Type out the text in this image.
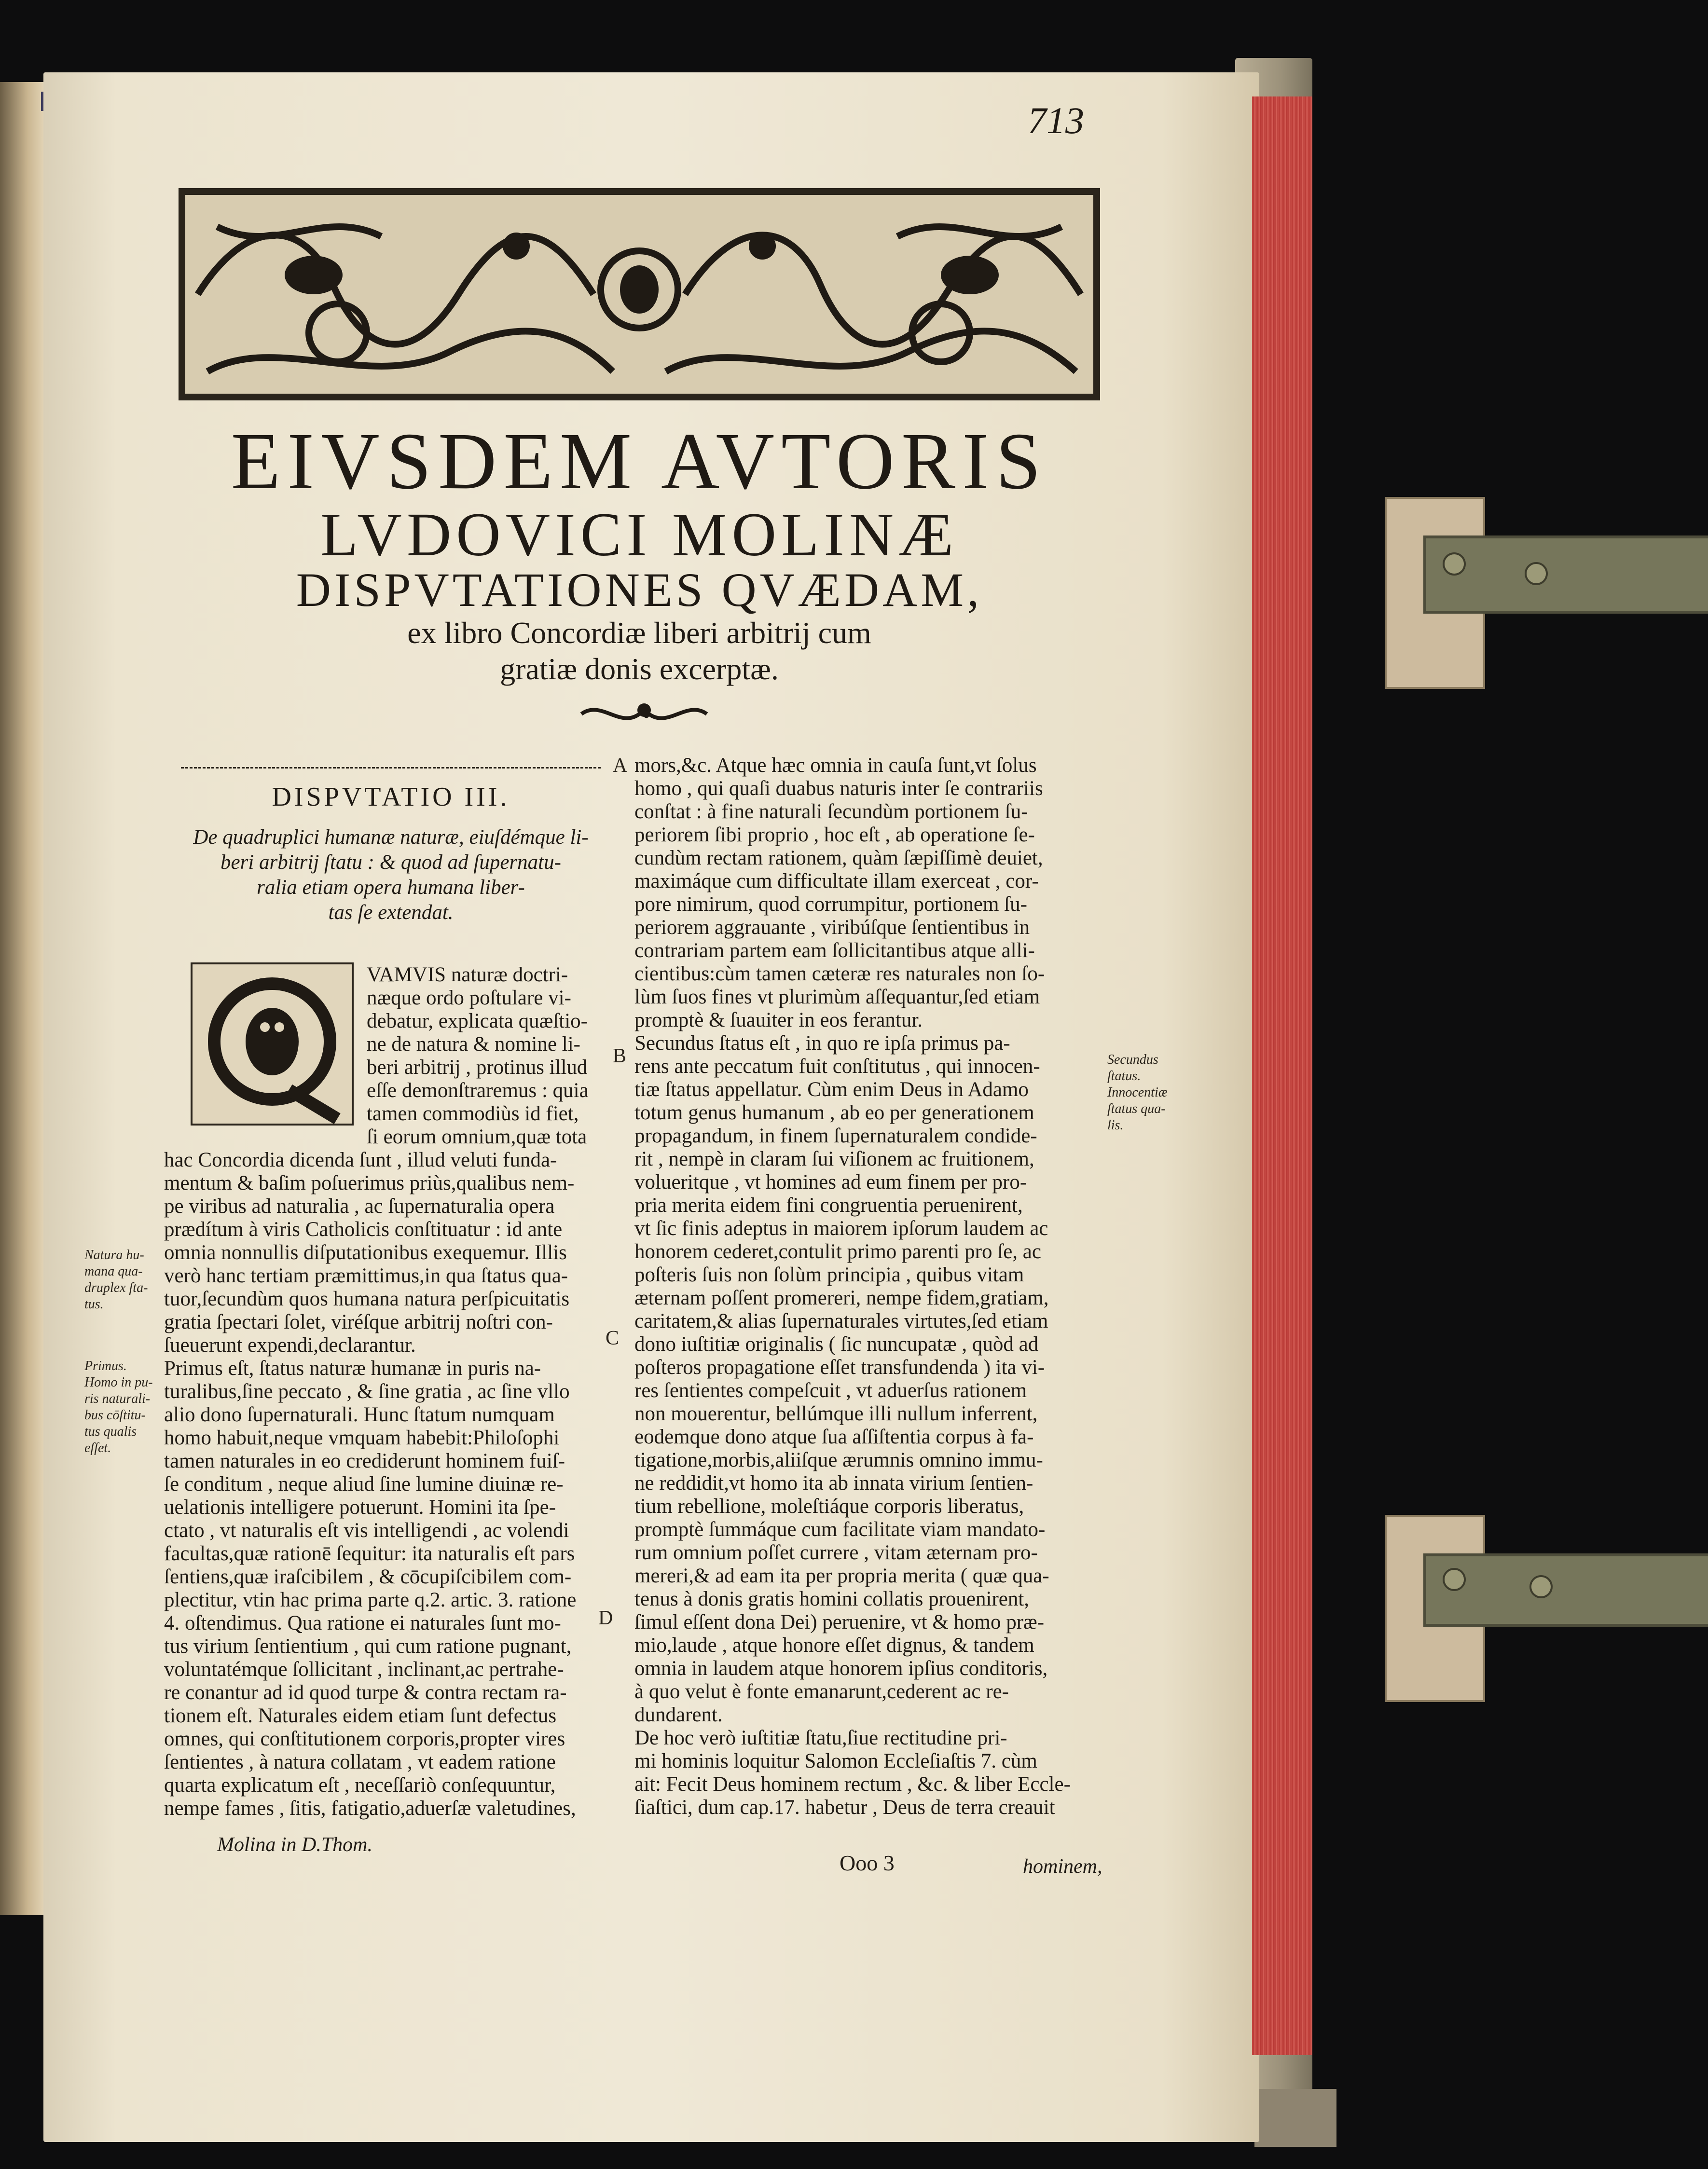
713
EIVSDEM AVTORIS
LVDOVICI MOLINÆ
DISPVTATIONES QVÆDAM,
ex libro Concordiæ liberi arbitrij cum
gratiæ donis excerptæ.
DISPVTATIO III.
De quadruplici humanæ naturæ, eiuſdémque li-
beri arbitrij ſtatu : & quod ad ſupernatu-
ralia etiam opera humana liber-
tas ſe extendat.
VAMVIS naturæ doctri-
næque ordo poſtulare vi-
debatur, explicata quæſtio-
ne de natura & nomine li-
beri arbitrij , protinus illud
eſſe demonſtraremus : quia
tamen commodiùs id fiet,
ſi eorum omnium,quæ tota
hac Concordia dicenda ſunt , illud veluti funda-
mentum & baſim poſuerimus priùs,qualibus nem-
pe viribus ad naturalia , ac ſupernaturalia opera
prædítum à viris Catholicis conſtituatur : id ante
omnia nonnullis diſputationibus exequemur. Illis
verò hanc tertiam præmittimus,in qua ſtatus qua-
tuor,ſecundùm quos humana natura perſpicuitatis
gratia ſpectari ſolet, viréſque arbitrij noſtri con-
ſueuerunt expendi,declarantur.
Primus eſt, ſtatus naturæ humanæ in puris na-
turalibus,ſine peccato , & ſine gratia , ac ſine vllo
alio dono ſupernaturali. Hunc ſtatum numquam
homo habuit,neque vmquam habebit:Philoſophi
tamen naturales in eo crediderunt hominem fuiſ-
ſe conditum , neque aliud ſine lumine diuinæ re-
uelationis intelligere potuerunt. Homini ita ſpe-
ctato , vt naturalis eſt vis intelligendi , ac volendi
facultas,quæ rationē ſequitur: ita naturalis eſt pars
ſentiens,quæ iraſcibilem , & cōcupiſcibilem com-
plectitur, vtin hac prima parte q.2. artic. 3. ratione
4. oſtendimus. Qua ratione ei naturales ſunt mo-
tus virium ſentientium , qui cum ratione pugnant,
voluntatémque ſollicitant , inclinant,ac pertrahe-
re conantur ad id quod turpe & contra rectam ra-
tionem eſt. Naturales eidem etiam ſunt defectus
omnes, qui conſtitutionem corporis,propter vires
ſentientes , à natura collatam , vt eadem ratione
quarta explicatum eſt , neceſſariò conſequuntur,
nempe fames , ſitis, fatigatio,aduerſæ valetudines,
Molina in D.Thom.
Natura hu-
mana qua-
druplex ſta-
tus.
Primus.
Homo in pu-
ris naturali-
bus cōſtitu-
tus qualis
eſſet.
A
B
C
D
mors,&c. Atque hæc omnia in cauſa ſunt,vt ſolus
homo , qui quaſi duabus naturis inter ſe contrariis
conſtat : à fine naturali ſecundùm portionem ſu-
periorem ſibi proprio , hoc eſt , ab operatione ſe-
cundùm rectam rationem, quàm ſæpiſſimè deuiet,
maximáque cum difficultate illam exerceat , cor-
pore nimirum, quod corrumpitur, portionem ſu-
periorem aggrauante , viribúſque ſentientibus in
contrariam partem eam ſollicitantibus atque alli-
cientibus:cùm tamen cæteræ res naturales non ſo-
lùm ſuos fines vt plurimùm aſſequantur,ſed etiam
promptè & ſuauiter in eos ferantur.
Secundus ſtatus eſt , in quo re ipſa primus pa-
rens ante peccatum fuit conſtitutus , qui innocen-
tiæ ſtatus appellatur. Cùm enim Deus in Adamo
totum genus humanum , ab eo per generationem
propagandum, in finem ſupernaturalem condide-
rit , nempè in claram ſui viſionem ac fruitionem,
volueritque , vt homines ad eum finem per pro-
pria merita eidem fini congruentia peruenirent,
vt ſic finis adeptus in maiorem ipſorum laudem ac
honorem cederet,contulit primo parenti pro ſe, ac
poſteris ſuis non ſolùm principia , quibus vitam
æternam poſſent promereri, nempe fidem,gratiam,
caritatem,& alias ſupernaturales virtutes,ſed etiam
dono iuſtitiæ originalis ( ſic nuncupatæ , quòd ad
poſteros propagatione eſſet transfundenda ) ita vi-
res ſentientes compeſcuit , vt aduerſus rationem
non mouerentur, bellúmque illi nullum inferrent,
eodemque dono atque ſua aſſiſtentia corpus à fa-
tigatione,morbis,aliiſque ærumnis omnino immu-
ne reddidit,vt homo ita ab innata virium ſentien-
tium rebellione, moleſtiáque corporis liberatus,
promptè ſummáque cum facilitate viam mandato-
rum omnium poſſet currere , vitam æternam pro-
mereri,& ad eam ita per propria merita ( quæ qua-
tenus à donis gratis homini collatis prouenirent,
ſimul eſſent dona Dei) peruenire, vt & homo præ-
mio,laude , atque honore eſſet dignus, & tandem
omnia in laudem atque honorem ipſius conditoris,
à quo velut è fonte emanarunt,cederent ac re-
dundarent.
De hoc verò iuſtitiæ ſtatu,ſiue rectitudine pri-
mi hominis loquitur Salomon Eccleſiaſtis 7. cùm
ait: Fecit Deus hominem rectum , &c. & liber Eccle-
ſiaſtici, dum cap.17. habetur , Deus de terra creauit
Ooo 3	hominem,
Secundus
ſtatus.
Innocentiæ
ſtatus qua-
lis.
